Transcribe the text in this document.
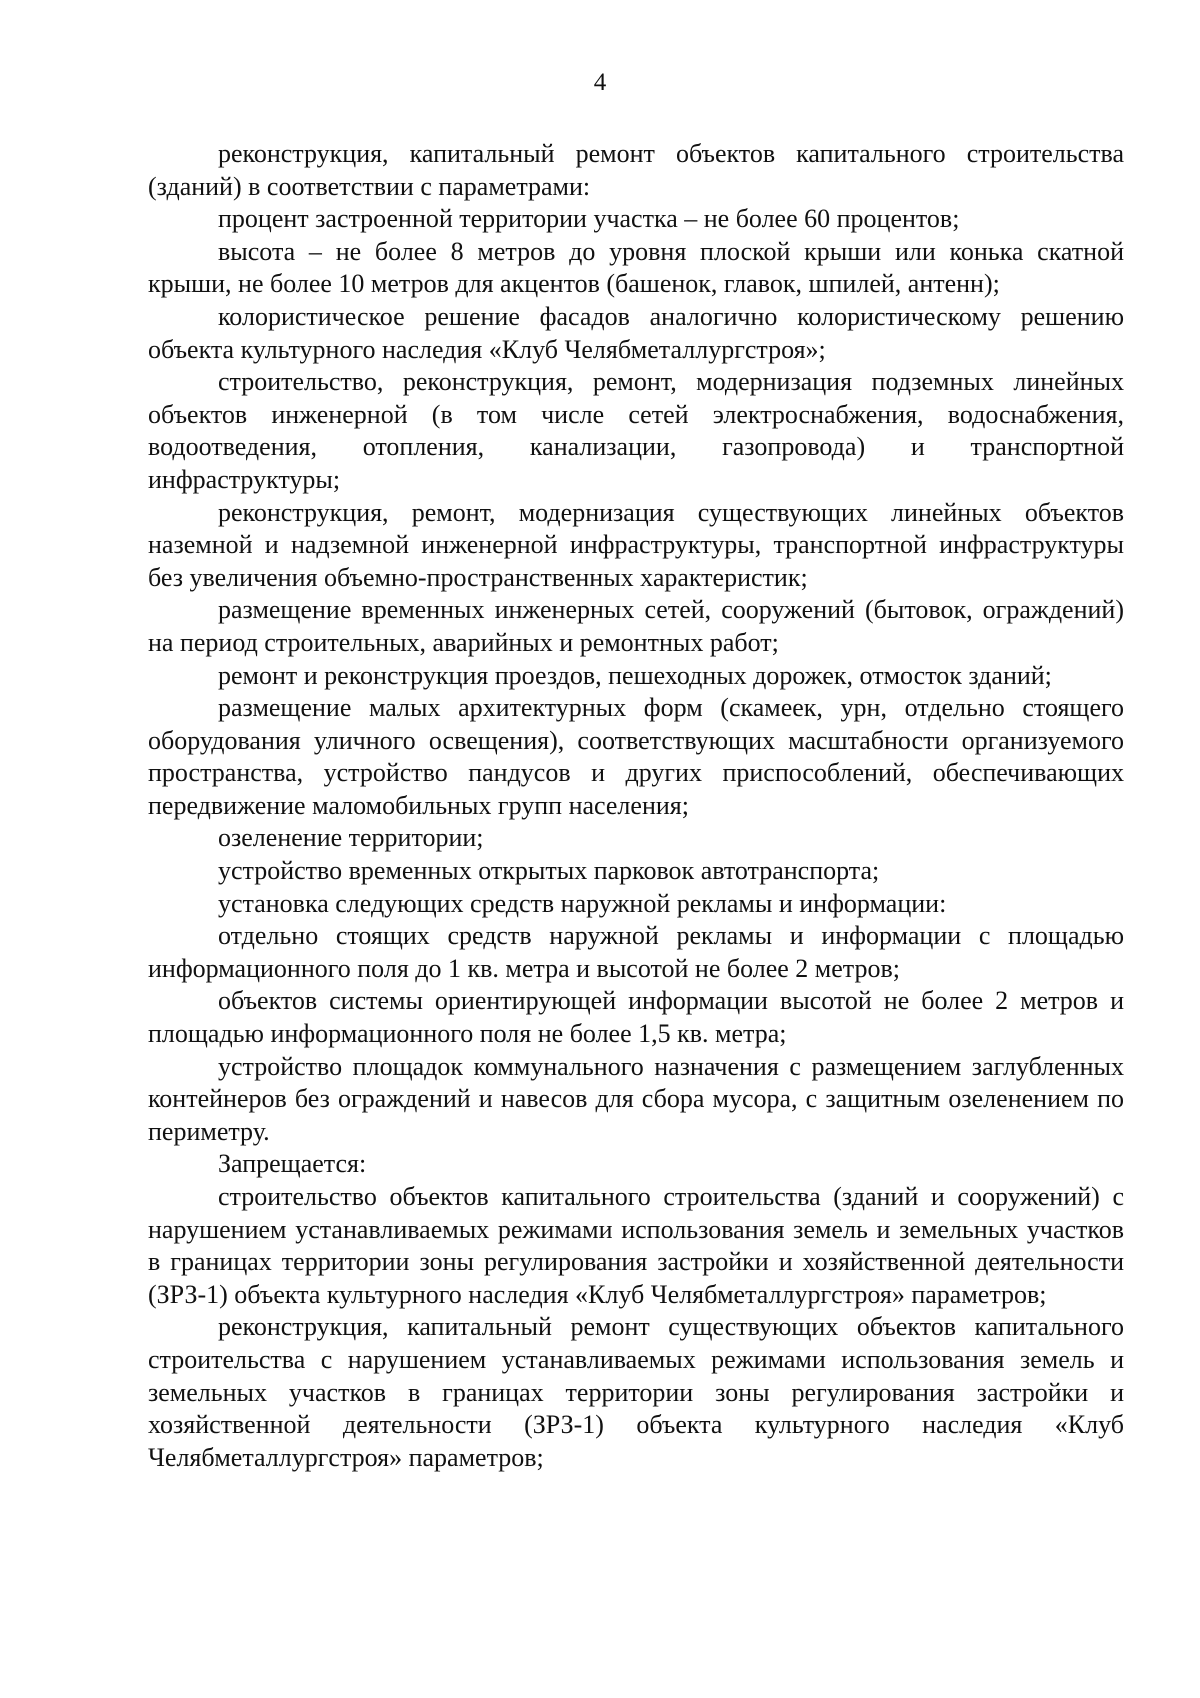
4

реконструкция, капитальный ремонт объектов капитального строительства (зданий) в соответствии с параметрами:

процент застроенной территории участка – не более 60 процентов;

высота – не более 8 метров до уровня плоской крыши или конька скатной крыши, не более 10 метров для акцентов (башенок, главок, шпилей, антенн);

колористическое решение фасадов аналогично колористическому решению объекта культурного наследия «Клуб Челябметаллургстроя»;

строительство, реконструкция, ремонт, модернизация подземных линейных объектов инженерной (в том числе сетей электроснабжения, водоснабжения, водоотведения, отопления, канализации, газопровода) и транспортной инфраструктуры;

реконструкция, ремонт, модернизация существующих линейных объектов наземной и надземной инженерной инфраструктуры, транспортной инфраструктуры без увеличения объемно-пространственных характеристик;

размещение временных инженерных сетей, сооружений (бытовок, ограждений) на период строительных, аварийных и ремонтных работ;

ремонт и реконструкция проездов, пешеходных дорожек, отмосток зданий;

размещение малых архитектурных форм (скамеек, урн, отдельно стоящего оборудования уличного освещения), соответствующих масштабности организуемого пространства, устройство пандусов и других приспособлений, обеспечивающих передвижение маломобильных групп населения;

озеленение территории;

устройство временных открытых парковок автотранспорта;

установка следующих средств наружной рекламы и информации:

отдельно стоящих средств наружной рекламы и информации с площадью информационного поля до 1 кв. метра и высотой не более 2 метров;

объектов системы ориентирующей информации высотой не более 2 метров и площадью информационного поля не более 1,5 кв. метра;

устройство площадок коммунального назначения с размещением заглубленных контейнеров без ограждений и навесов для сбора мусора, с защитным озеленением по периметру.

Запрещается:

строительство объектов капитального строительства (зданий и сооружений) с нарушением устанавливаемых режимами использования земель и земельных участков в границах территории зоны регулирования застройки и хозяйственной деятельности (ЗРЗ-1) объекта культурного наследия «Клуб Челябметаллургстроя» параметров;

реконструкция, капитальный ремонт существующих объектов капитального строительства с нарушением устанавливаемых режимами использования земель и земельных участков в границах территории зоны регулирования застройки и хозяйственной деятельности (ЗРЗ-1) объекта культурного наследия «Клуб Челябметаллургстроя» параметров;
